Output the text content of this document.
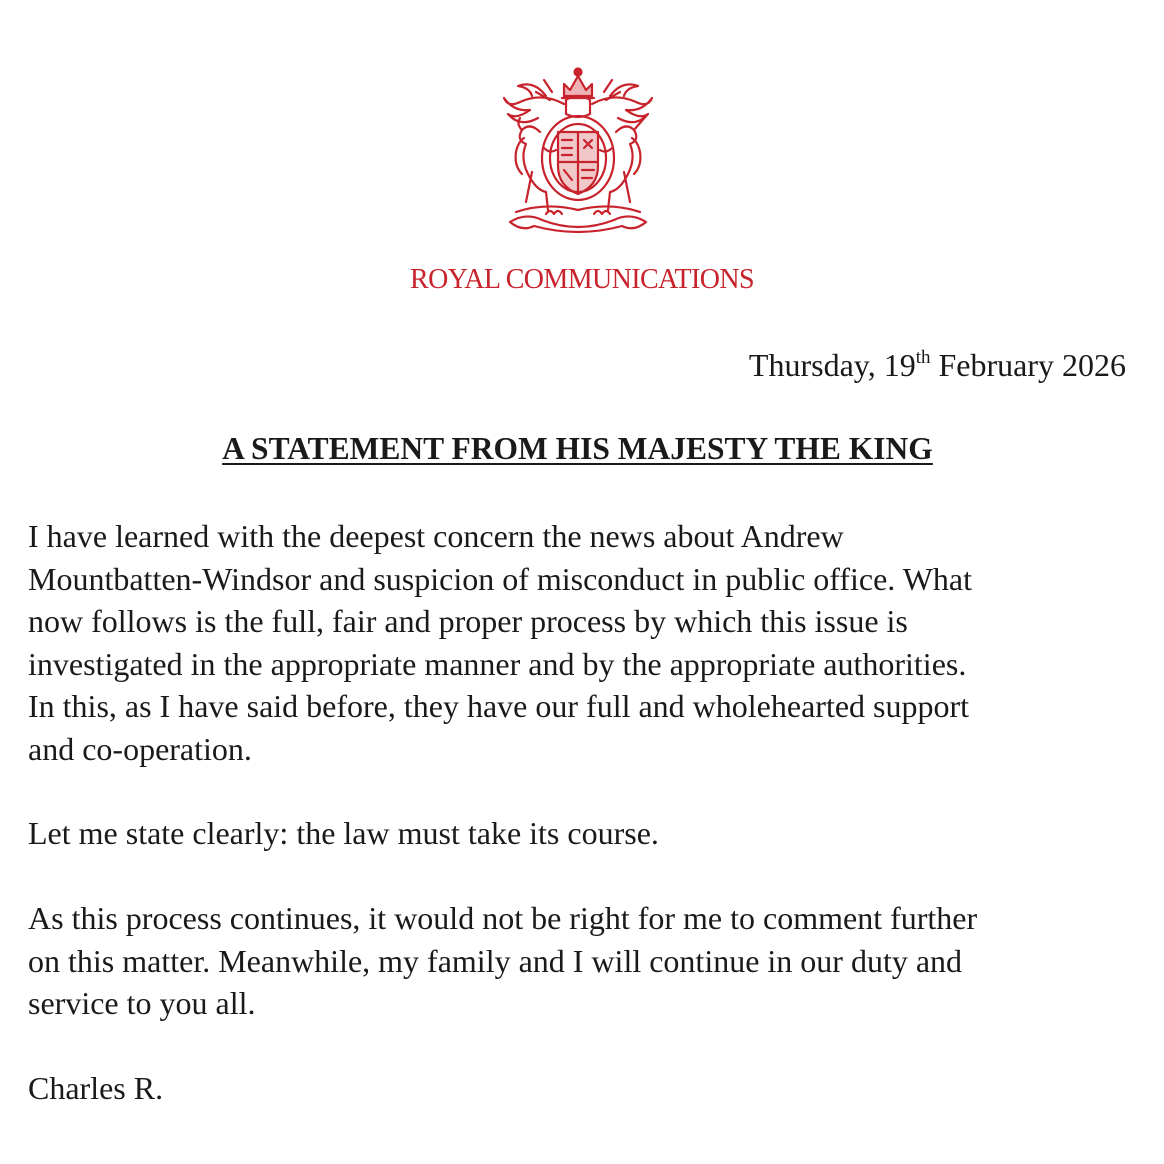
ROYAL COMMUNICATIONS

Thursday, 19th February 2026
A STATEMENT FROM HIS MAJESTY THE KING

I have learned with the deepest concern the news about Andrew
Mountbatten-Windsor and suspicion of misconduct in public office. What
now follows is the full, fair and proper process by which this issue is
investigated in the appropriate manner and by the appropriate authorities.
In this, as I have said before, they have our full and wholehearted support
and co-operation.

Let me state clearly: the law must take its course.

As this process continues, it would not be right for me to comment further
on this matter. Meanwhile, my family and I will continue in our duty and
service to you all.

Charles R.
